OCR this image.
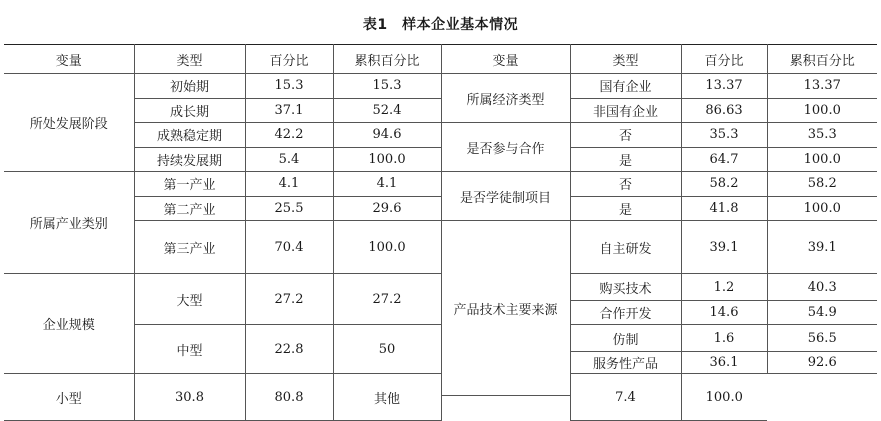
表1　样本企业基本情况
变量	类型	百分比	累积百分比	变量	类型	百分比	累积百分比
所处发展阶段	初始期	15.3	15.3	所属经济类型	国有企业	13.37	13.37
	成长期	37.1	52.4		非国有企业	86.63	100.0
	成熟稳定期	42.2	94.6	是否参与合作	否	35.3	35.3
	持续发展期	5.4	100.0		是	64.7	100.0
所属产业类别	第一产业	4.1	4.1	是否学徒制项目	否	58.2	58.2
	第二产业	25.5	29.6		是	41.8	100.0
	第三产业	70.4	100.0	产品技术主要来源	自主研发	39.1	39.1
企业规模	大型	27.2	27.2		购买技术	1.2	40.3
					合作开发	14.6	54.9
	中型	22.8	50		仿制	1.6	56.5
					服务性产品	36.1	92.6
小型	30.8	80.8	其他		7.4	100.0	
